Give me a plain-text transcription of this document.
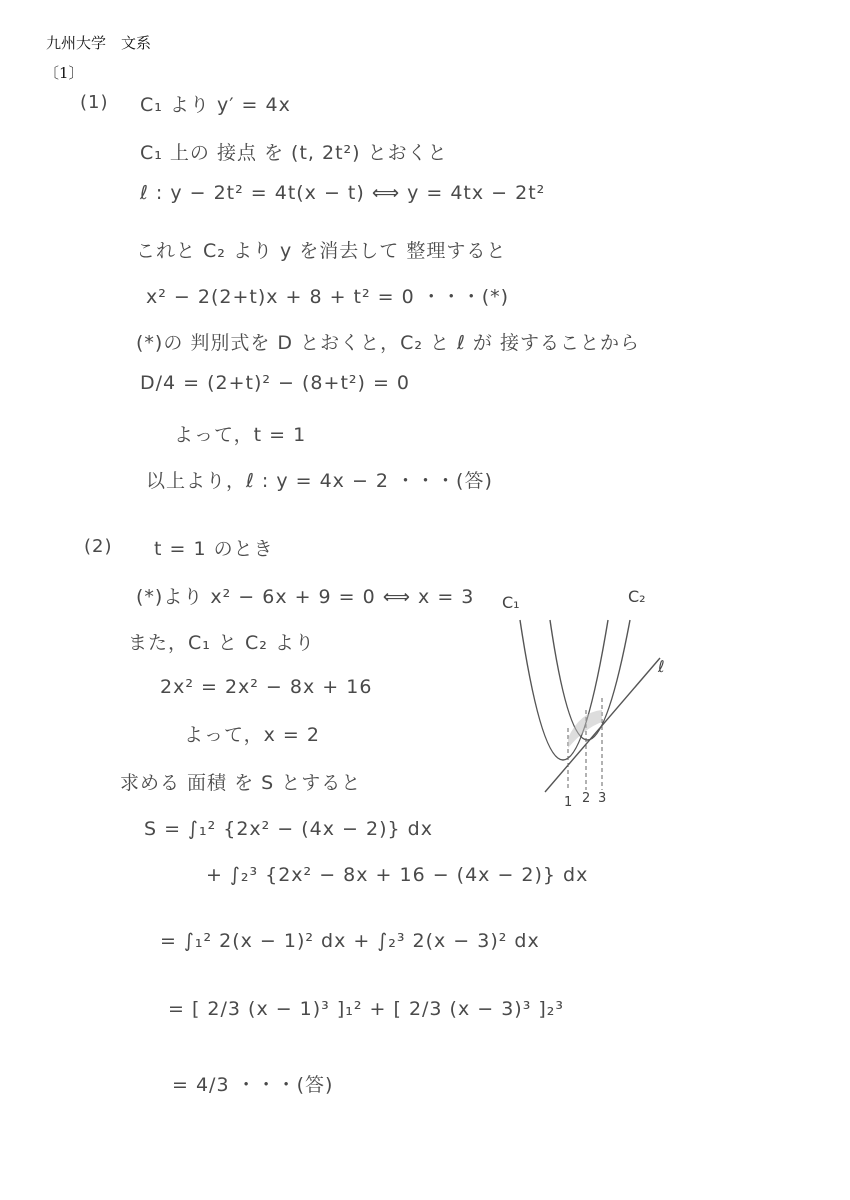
九州大学　文系
〔1〕
(1) C₁ より y′ = 4x
C₁ 上の 接点 を (t, 2t²) とおくと
ℓ : y − 2t² = 4t(x − t) ⟺ y = 4tx − 2t²
これと C₂ より y を消去して 整理すると
x² − 2(2+t)x + 8 + t² = 0 ・・・(*)
(*)の 判別式を D とおくと，C₂ と ℓ が 接することから
D/4 = (2+t)² − (8+t²) = 0
よって，t = 1
以上より，ℓ : y = 4x − 2 ・・・(答)
(2) t = 1 のとき
(*)より x² − 6x + 9 = 0 ⟺ x = 3
また，C₁ と C₂ より
2x² = 2x² − 8x + 16
よって，x = 2
求める 面積 を S とすると
S = ∫₁² {2x² − (4x − 2)} dx
+ ∫₂³ {2x² − 8x + 16 − (4x − 2)} dx
= ∫₁² 2(x − 1)² dx + ∫₂³ 2(x − 3)² dx
= [ 2/3 (x − 1)³ ]₁² + [ 2/3 (x − 3)³ ]₂³
= 4/3 ・・・(答)
C₁	C₂
ℓ
1 2 3
